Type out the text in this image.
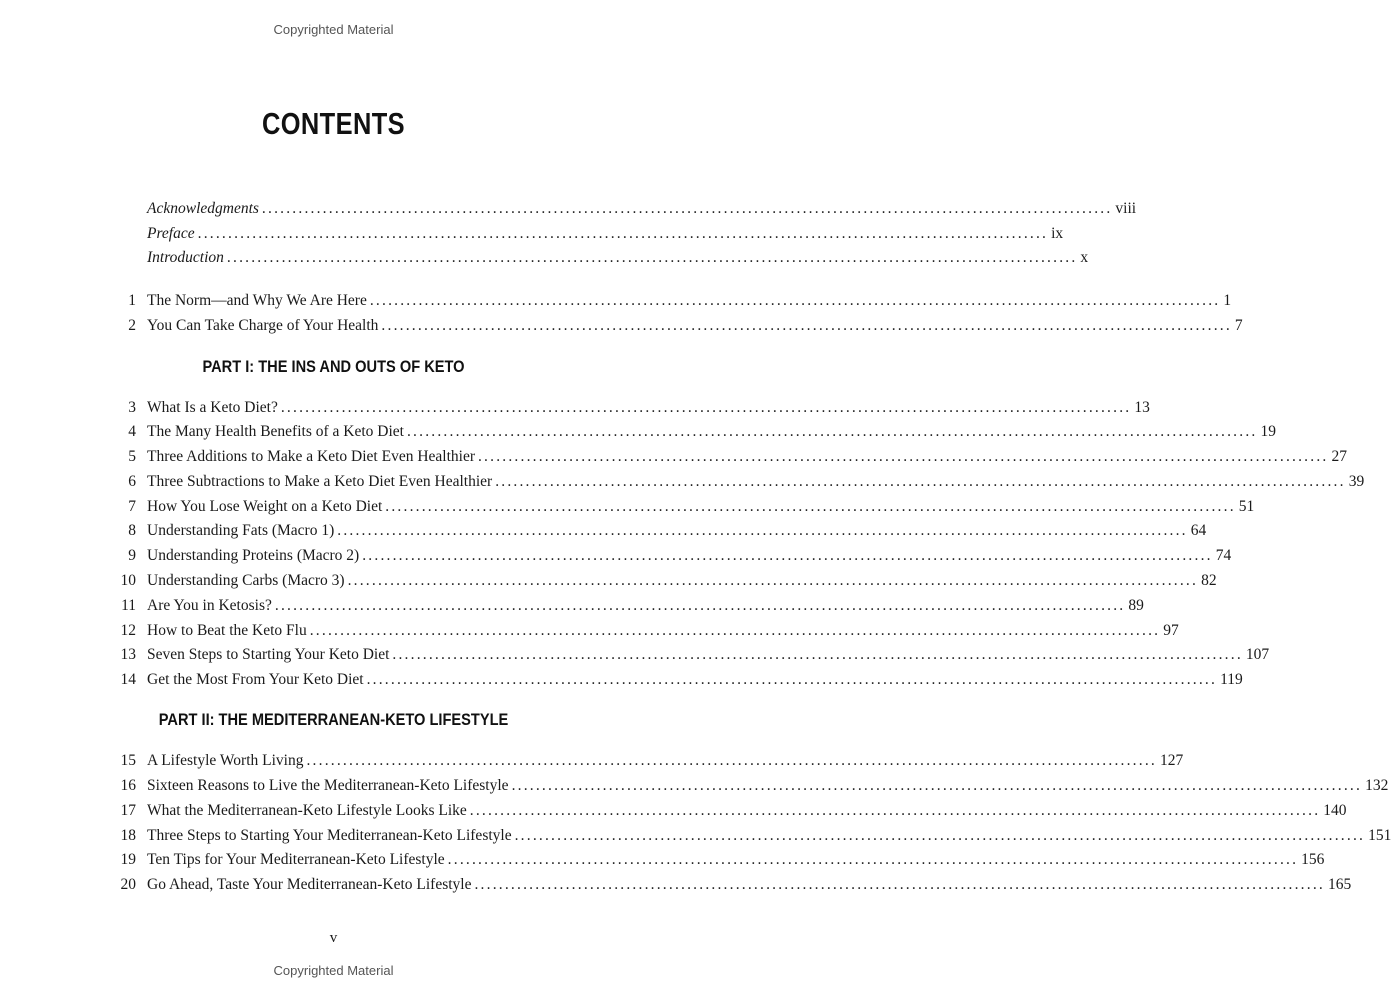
Copyrighted Material
CONTENTS
Acknowledgments ............................................................................................................................................ viii
Preface ............................................................................................................................................ ix
Introduction ............................................................................................................................................ x
1 The Norm—and Why We Are Here ............................................................................................................................................ 1
2 You Can Take Charge of Your Health ............................................................................................................................................ 7
PART I: THE INS AND OUTS OF KETO
3 What Is a Keto Diet? ............................................................................................................................................ 13
4 The Many Health Benefits of a Keto Diet ............................................................................................................................................ 19
5 Three Additions to Make a Keto Diet Even Healthier ............................................................................................................................................ 27
6 Three Subtractions to Make a Keto Diet Even Healthier ............................................................................................................................................ 39
7 How You Lose Weight on a Keto Diet ............................................................................................................................................ 51
8 Understanding Fats (Macro 1) ............................................................................................................................................ 64
9 Understanding Proteins (Macro 2) ............................................................................................................................................ 74
10 Understanding Carbs (Macro 3) ............................................................................................................................................ 82
11 Are You in Ketosis? ............................................................................................................................................ 89
12 How to Beat the Keto Flu ............................................................................................................................................ 97
13 Seven Steps to Starting Your Keto Diet ............................................................................................................................................ 107
14 Get the Most From Your Keto Diet ............................................................................................................................................ 119
PART II: THE MEDITERRANEAN-KETO LIFESTYLE
15 A Lifestyle Worth Living ............................................................................................................................................ 127
16 Sixteen Reasons to Live the Mediterranean-Keto Lifestyle ............................................................................................................................................ 132
17 What the Mediterranean-Keto Lifestyle Looks Like ............................................................................................................................................ 140
18 Three Steps to Starting Your Mediterranean-Keto Lifestyle ............................................................................................................................................ 151
19 Ten Tips for Your Mediterranean-Keto Lifestyle ............................................................................................................................................ 156
20 Go Ahead, Taste Your Mediterranean-Keto Lifestyle ............................................................................................................................................ 165
v
Copyrighted Material
